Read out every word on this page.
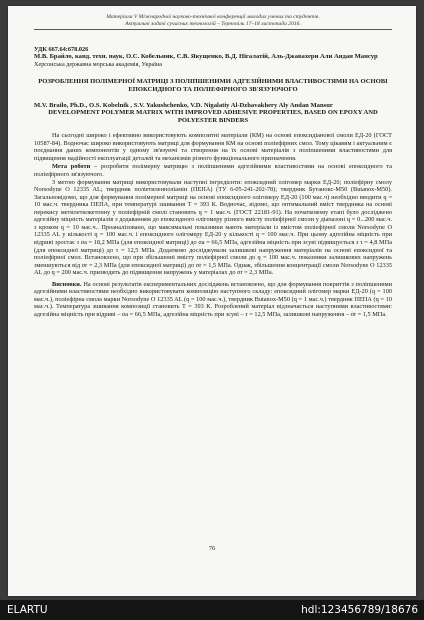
Матеріали V Міжнародної науково-технічної конференції молодих учених та студентів.
Актуальні задачі сучасних технологій – Тернопіль 17–18 листопада 2016.
УДК 667.64:678.026
М.В. Брайло, канд. техн. наук, О.С. Кобельник, С.В. Якущенко, В.Д. Нігалатій, Аль-Джавахери Али Андан Мансур
Херсонська державна морська академія, Україна
РОЗРОБЛЕННЯ ПОЛІМЕРНОЇ МАТРИЦІ З ПОЛІПШЕНИМИ АДГЕЗІЙНИМИ ВЛАСТИВОСТЯМИ НА ОСНОВІ ЕПОКСИДНОГО ТА ПОЛІЕФІРНОГО ЗВ'ЯЗУЮЧОГО
M.V. Brailo, Ph.D., O.S. Kobelnik , S.V. Yakushchenko, V.D. Nigalatiy Al-Dzhavakhery Aly Andan Mansur
DEVELOPMENT POLYMER MATRIX WITH IMPROVED ADHESIVE PROPERTIES, BASED ON EPOXY AND POLYESTER BINDERS

На сьогодні широко і ефективно використовують композитні матеріали (КМ) на основі епоксидіанової смоли ЕД-20 (ГОСТ 10587-84). Водночас широко використовують матриці для формування КМ на основі поліефірних смол. Тому цікавим і актуальним є поєднання даних компонентів у одному зв'язуючі та створення на їх основі матеріалів з поліпшеними властивостями для підвищення надійності експлуатації деталей та механізмів різного функціонального призначення.

Мета роботи – розробити полімерну матрицю з поліпшеними адгезійними властивостями на основі епоксидного та поліефірного зв'язуючого.

З метою формування матриці використовували наступні інгредієнти: епоксидний олігомер марки ЕД-20; поліефірну смолу Norsodyne O 12335 AL; твердник поліетиленполіамін (ПЕПА) (ТУ 6-05-241-202-78); твердник Бутанокс-М50 (Butanox-M50). Загальновідомо, що для формування полімерної матриці на основі епоксидного олігомеру ЕД-20 (100 мас.ч) необхідно вводити q = 10 мас.ч. твердника ПЕПА, при температурі зшивання T = 393 К. Водночас, відомо, що оптимальний вміст твердника на основі перекису метилетилкетонну у поліефірній смолі становить q = 1 мас.ч. (ГОСТ 22181-91). На початковому етапі було досліджено адгезійну міцність матеріалів з додаванням до епоксидного олігомеру різного вмісту поліефірної смоли у діапазоні q = 0...200 мас.ч. з кроком q = 10 мас.ч.. Проаналізовано, що максимальні показники мають матеріали із вмістом поліефірної смоли Norsodyne O 12335 AL у кількості q = 100 мас.ч. і епоксидного олігомеру ЕД-20 у кількості q = 100 мас.ч. При цьому адгезійна міцність при відриві зростає з σa = 18,2 МПа (для епоксидної матриці) до σa = 66,5 МПа, адгезійна міцність при зсуві підвищується з τ = 4,8 МПа (для епоксидної матриці) до τ = 12,5 МПа. Додатково досліджували залишкові напруження матеріалів на основі епоксидної та поліефірної смол. Встановлено, що при збільшенні вмісту поліефірної смоли до q = 100 мас.ч. показники залишкових напружень зменшуються від σr = 2,3 МПа (для епоксидної матриці) до σr = 1,5 МПа. Однак, збільшення концентрації смоли Norsodyne O 12335 AL до q = 200 мас.ч. призводить до підвищення напружень у матеріалах до σr = 2,3 МПа.

Висновки. На основі результатів експериментальних досліджень встановлено, що для формування покриттів з поліпшеними адгезійними властивостями необхідно використовувати композицію наступного складу: епоксидний олігомер марки ЕД-20 (q = 100 мас.ч.), поліефірна смола марки Norsodyne O 12335 AL (q = 100 мас.ч.), твердник Butanox-M50 (q = 1 мас.ч.) твердник ПЕПА (q = 10 мас.ч.). Температура зшивання композиції становить T = 393 К. Розроблений матеріал відзначається наступними властивостями: адгезійна міцність при відриві – σa = 66,5 МПа, адгезійна міцність при зсуві – τ = 12,5 МПа, залишкові напруження – σr = 1,5 МПа.

76
ELARTU	hdl:123456789/18676
